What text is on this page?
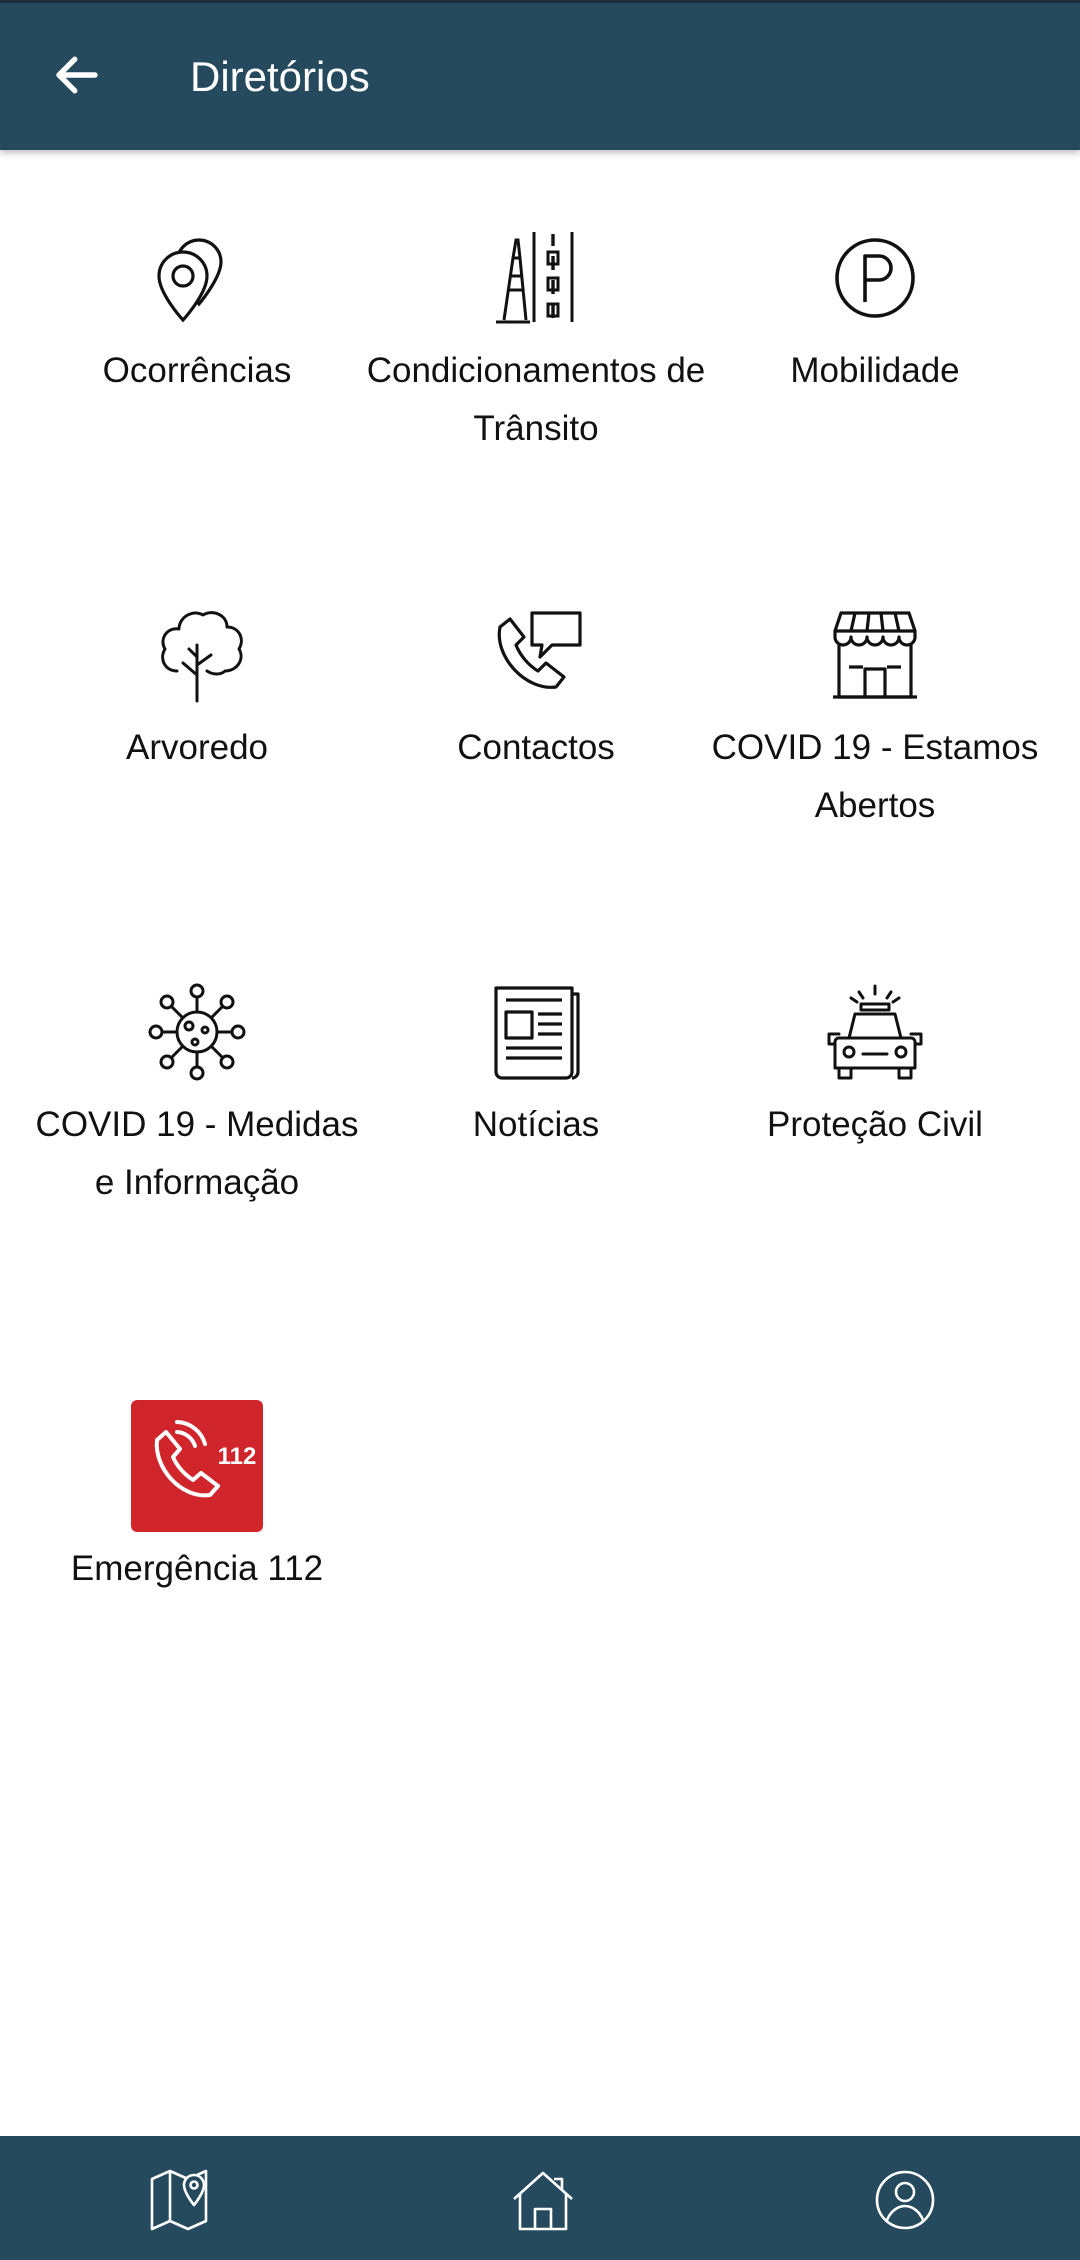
Diretórios
Ocorrências	Condicionamentos de Trânsito
Mobilidade
Arvoredo	Contactos	COVID 19 - Estamos Abertos
COVID 19 - Medidas e Informação
Notícias	Proteção Civil
112
Emergência 112
